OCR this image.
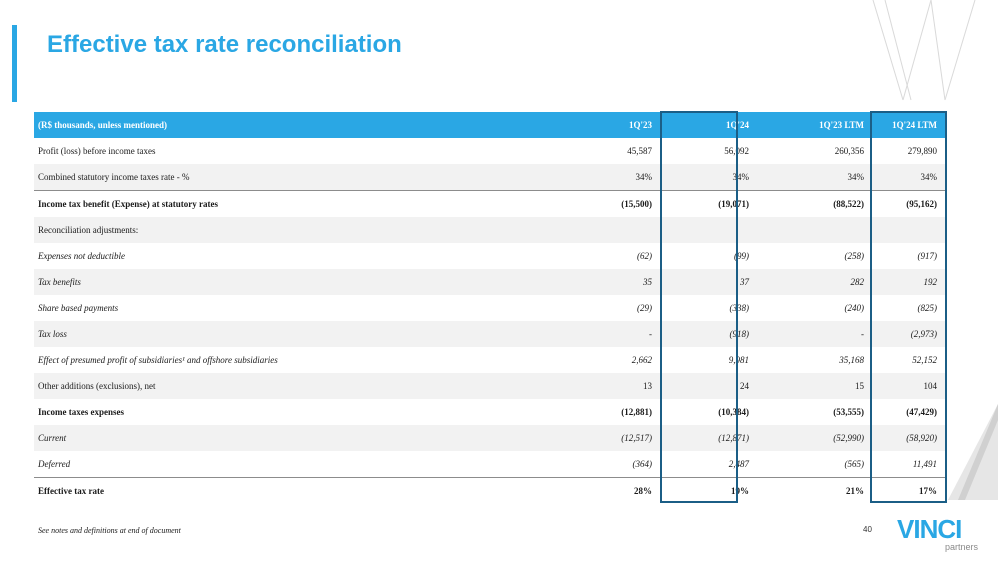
Effective tax rate reconciliation
(R$ thousands, unless mentioned)	1Q'23	1Q'24	1Q'23 LTM	1Q'24 LTM
Profit (loss) before income taxes	45,587	56,092	260,356	279,890
Combined statutory income taxes rate - %	34%	34%	34%	34%
Income tax benefit (Expense) at statutory rates	(15,500)	(19,071)	(88,522)	(95,162)
Reconciliation adjustments:				
Expenses not deductible	(62)	(99)	(258)	(917)
Tax benefits	35	37	282	192
Share based payments	(29)	(338)	(240)	(825)
Tax loss	-	(918)	-	(2,973)
Effect of presumed profit of subsidiaries¹ and offshore subsidiaries	2,662	9,981	35,168	52,152
Other additions (exclusions), net	13	24	15	104
Income taxes expenses	(12,881)	(10,384)	(53,555)	(47,429)
Current	(12,517)	(12,871)	(52,990)	(58,920)
Deferred	(364)	2,487	(565)	11,491
Effective tax rate	28%	19%	21%	17%
See notes and definitions at end of document	40 VINCI
partners
